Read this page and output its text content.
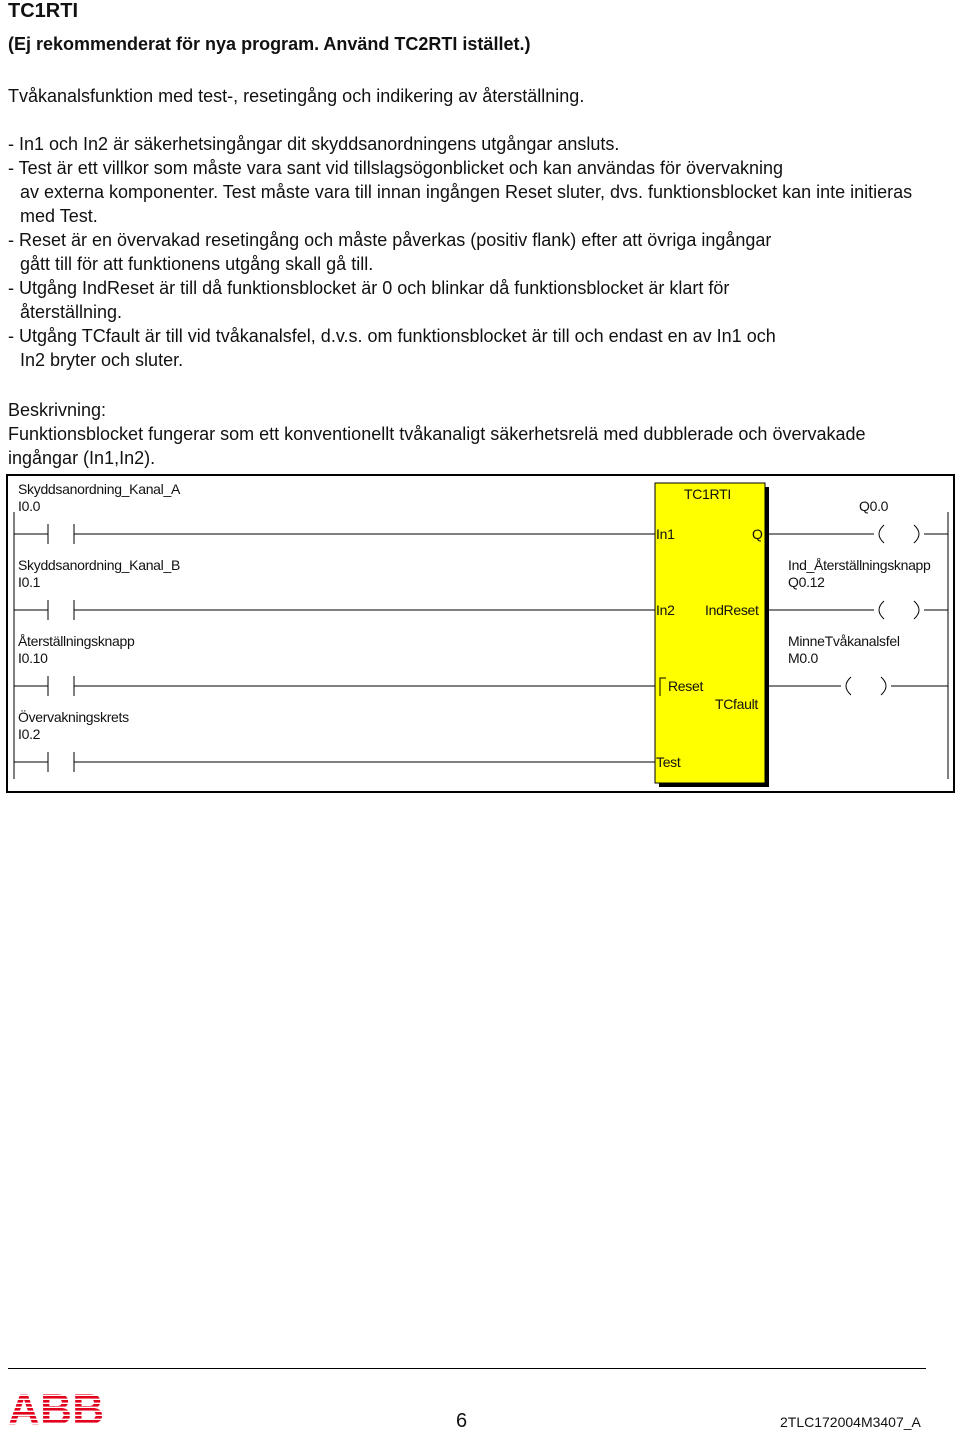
TC1RTI
(Ej rekommenderat för nya program. Använd TC2RTI istället.)
Tvåkanalsfunktion med test-, resetingång och indikering av återställning.
- In1 och In2 är säkerhetsingångar dit skyddsanordningens utgångar ansluts.
- Test är ett villkor som måste vara sant vid tillslagsögonblicket och kan användas för övervakning
av externa komponenter. Test måste vara till innan ingången Reset sluter, dvs. funktionsblocket kan inte initieras med Test.
- Reset är en övervakad resetingång och måste påverkas (positiv flank) efter att övriga ingångar
gått till för att funktionens utgång skall gå till.
- Utgång IndReset är till då funktionsblocket är 0 och blinkar då funktionsblocket är klart för
återställning.
- Utgång TCfault är till vid tvåkanalsfel, d.v.s. om funktionsblocket är till och endast en av In1 och
In2 bryter och sluter.
Beskrivning:
Funktionsblocket fungerar som ett konventionellt tvåkanaligt säkerhetsrelä med dubblerade och övervakade ingångar (In1,In2).
Skyddsanordning_Kanal_A
I0.0
Skyddsanordning_Kanal_B
I0.1
Återställningsknapp
I0.10
Övervakningskrets
I0.2
TC1RTI
In1	Q
In2 IndReset
Reset
TCfault
Test
Q0.0
Ind_Återställningsknapp
Q0.12
MinneTvåkanalsfel
M0.0
ABB	6	2TLC172004M3407_A
